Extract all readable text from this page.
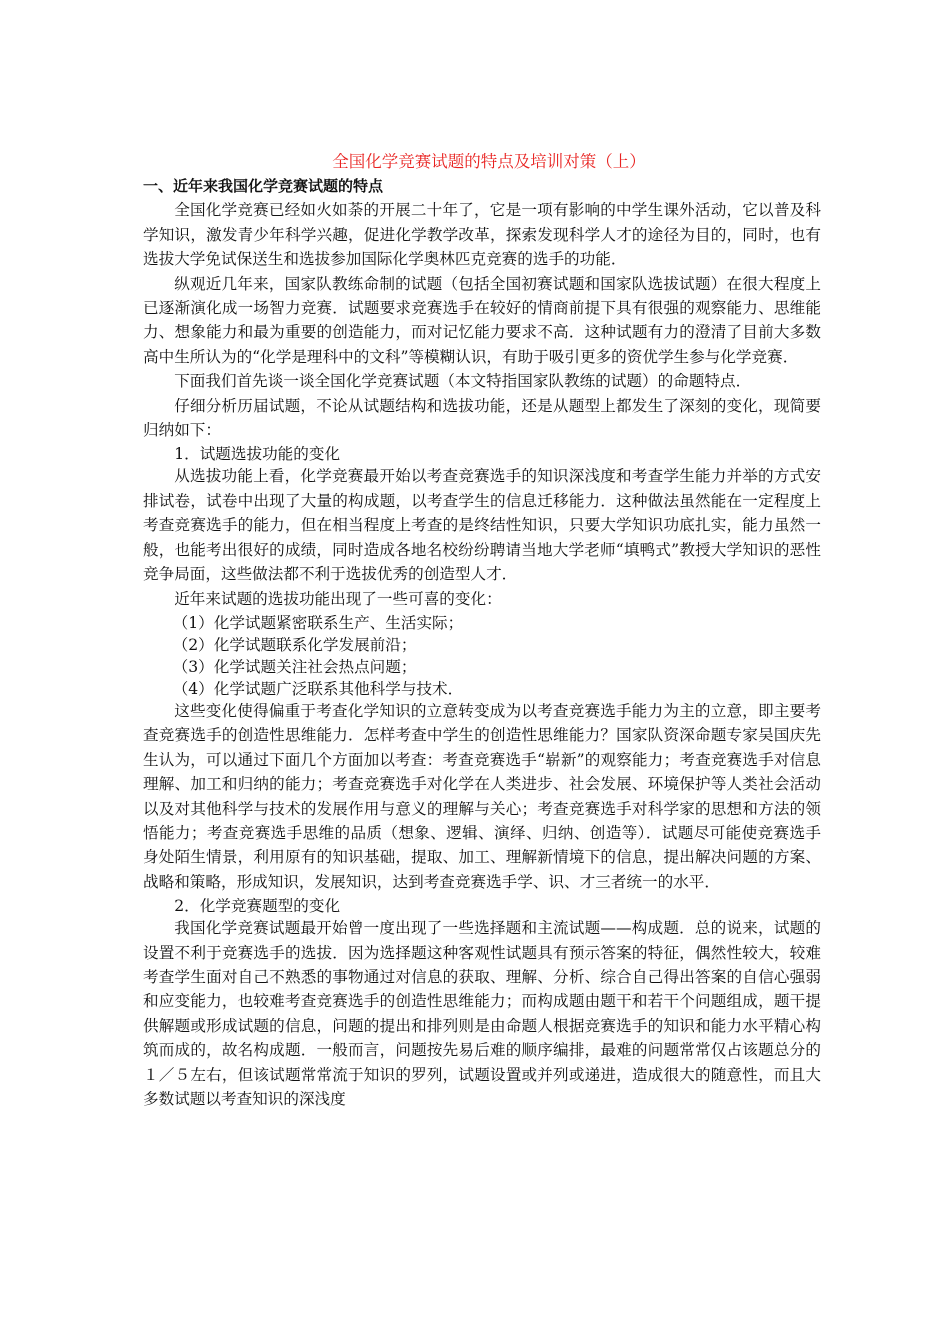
全国化学竞赛试题的特点及培训对策（上）
一、近年来我国化学竞赛试题的特点

全国化学竞赛已经如火如荼的开展二十年了，它是一项有影响的中学生课外活动，它以普及科学知识，激发青少年科学兴趣，促进化学教学改革，探索发现科学人才的途径为目的，同时，也有选拔大学免试保送生和选拔参加国际化学奥林匹克竞赛的选手的功能．

纵观近几年来，国家队教练命制的试题（包括全国初赛试题和国家队选拔试题）在很大程度上已逐渐演化成一场智力竞赛．试题要求竞赛选手在较好的情商前提下具有很强的观察能力、思维能力、想象能力和最为重要的创造能力，而对记忆能力要求不高．这种试题有力的澄清了目前大多数高中生所认为的“化学是理科中的文科”等模糊认识，有助于吸引更多的资优学生参与化学竞赛．

下面我们首先谈一谈全国化学竞赛试题（本文特指国家队教练的试题）的命题特点．

仔细分析历届试题，不论从试题结构和选拔功能，还是从题型上都发生了深刻的变化，现简要归纳如下：

1．试题选拔功能的变化

从选拔功能上看，化学竞赛最开始以考查竞赛选手的知识深浅度和考查学生能力并举的方式安排试卷，试卷中出现了大量的构成题，以考查学生的信息迁移能力．这种做法虽然能在一定程度上考查竞赛选手的能力，但在相当程度上考查的是终结性知识，只要大学知识功底扎实，能力虽然一般，也能考出很好的成绩，同时造成各地名校纷纷聘请当地大学老师“填鸭式”教授大学知识的恶性竞争局面，这些做法都不利于选拔优秀的创造型人才．

近年来试题的选拔功能出现了一些可喜的变化：

（1）化学试题紧密联系生产、生活实际；
（2）化学试题联系化学发展前沿；
（3）化学试题关注社会热点问题；
（4）化学试题广泛联系其他科学与技术．

这些变化使得偏重于考查化学知识的立意转变成为以考查竞赛选手能力为主的立意，即主要考查竞赛选手的创造性思维能力．怎样考查中学生的创造性思维能力？国家队资深命题专家吴国庆先生认为，可以通过下面几个方面加以考查：考查竞赛选手“崭新”的观察能力；考查竞赛选手对信息理解、加工和归纳的能力；考查竞赛选手对化学在人类进步、社会发展、环境保护等人类社会活动以及对其他科学与技术的发展作用与意义的理解与关心；考查竞赛选手对科学家的思想和方法的领悟能力；考查竞赛选手思维的品质（想象、逻辑、演绎、归纳、创造等）．试题尽可能使竞赛选手身处陌生情景，利用原有的知识基础，提取、加工、理解新情境下的信息，提出解决问题的方案、战略和策略，形成知识，发展知识，达到考查竞赛选手学、识、才三者统一的水平．

2．化学竞赛题型的变化

我国化学竞赛试题最开始曾一度出现了一些选择题和主流试题——构成题．总的说来，试题的设置不利于竞赛选手的选拔．因为选择题这种客观性试题具有预示答案的特征，偶然性较大，较难考查学生面对自己不熟悉的事物通过对信息的获取、理解、分析、综合自己得出答案的自信心强弱和应变能力，也较难考查竞赛选手的创造性思维能力；而构成题由题干和若干个问题组成，题干提供解题或形成试题的信息，问题的提出和排列则是由命题人根据竞赛选手的知识和能力水平精心构筑而成的，故名构成题．一般而言，问题按先易后难的顺序编排，最难的问题常常仅占该题总分的１／５左右，但该试题常常流于知识的罗列，试题设置或并列或递进，造成很大的随意性，而且大多数试题以考查知识的深浅度
